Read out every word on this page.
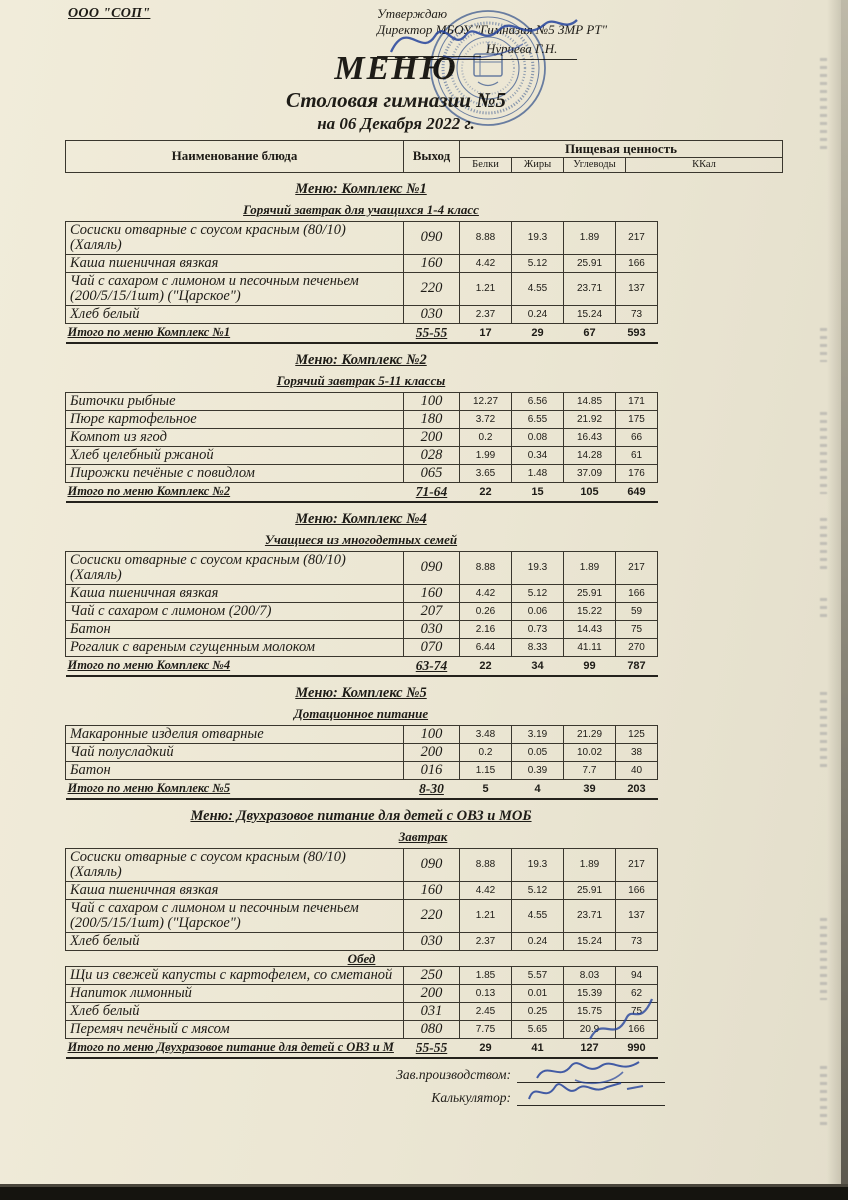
ООО "СОП"	Утверждаю
Директор МБОУ "Гимназия №5 ЗМР РТ"
Нуриева Г.Н.
МЕНЮ
Столовая гимназии №5
на 06 Декабря 2022 г.
Наименование блюда	Выход	Пищевая ценность			
		Белки	Жиры	Углеводы	ККал
Меню: Комплекс №1
Горячий завтрак для учащихся 1-4 класс
Сосиски отварные с соусом красным (80/10) (Халяль)	090	8.88	19.3	1.89	217
Каша пшеничная вязкая	160	4.42	5.12	25.91	166
Чай с сахаром с лимоном и песочным печеньем (200/5/15/1шт) ("Царское")	220	1.21	4.55	23.71	137
Хлеб белый	030	2.37	0.24	15.24	73
Итого по меню Комплекс №1	55-55	17	29	67	593
Меню: Комплекс №2
Горячий завтрак 5-11 классы
Биточки рыбные	100	12.27	6.56	14.85	171
Пюре картофельное	180	3.72	6.55	21.92	175
Компот из ягод	200	0.2	0.08	16.43	66
Хлеб целебный ржаной	028	1.99	0.34	14.28	61
Пирожки печёные с повидлом	065	3.65	1.48	37.09	176
Итого по меню Комплекс №2	71-64	22	15	105	649
Меню: Комплекс №4
Учащиеся из многодетных семей
Сосиски отварные с соусом красным (80/10) (Халяль)	090	8.88	19.3	1.89	217
Каша пшеничная вязкая	160	4.42	5.12	25.91	166
Чай с сахаром с лимоном (200/7)	207	0.26	0.06	15.22	59
Батон	030	2.16	0.73	14.43	75
Рогалик с вареным сгущенным молоком	070	6.44	8.33	41.11	270
Итого по меню Комплекс №4	63-74	22	34	99	787
Меню: Комплекс №5
Дотационное питание
Макаронные изделия отварные	100	3.48	3.19	21.29	125
Чай полусладкий	200	0.2	0.05	10.02	38
Батон	016	1.15	0.39	7.7	40
Итого по меню Комплекс №5	8-30	5	4	39	203
Меню: Двухразовое питание для детей с ОВЗ и МОБ
Завтрак
Сосиски отварные с соусом красным (80/10) (Халяль)	090	8.88	19.3	1.89	217
Каша пшеничная вязкая	160	4.42	5.12	25.91	166
Чай с сахаром с лимоном и песочным печеньем (200/5/15/1шт) ("Царское")	220	1.21	4.55	23.71	137
Хлеб белый	030	2.37	0.24	15.24	73
Обед					
Щи из свежей капусты с картофелем, со сметаной	250	1.85	5.57	8.03	94
Напиток лимонный	200	0.13	0.01	15.39	62
Хлеб белый	031	2.45	0.25	15.75	75
Перемяч печёный с мясом	080	7.75	5.65	20.9	166
Итого по меню Двухразовое питание для детей с ОВЗ и М	55-55	29	41	127	990
Зав.производством:
Калькулятор:
